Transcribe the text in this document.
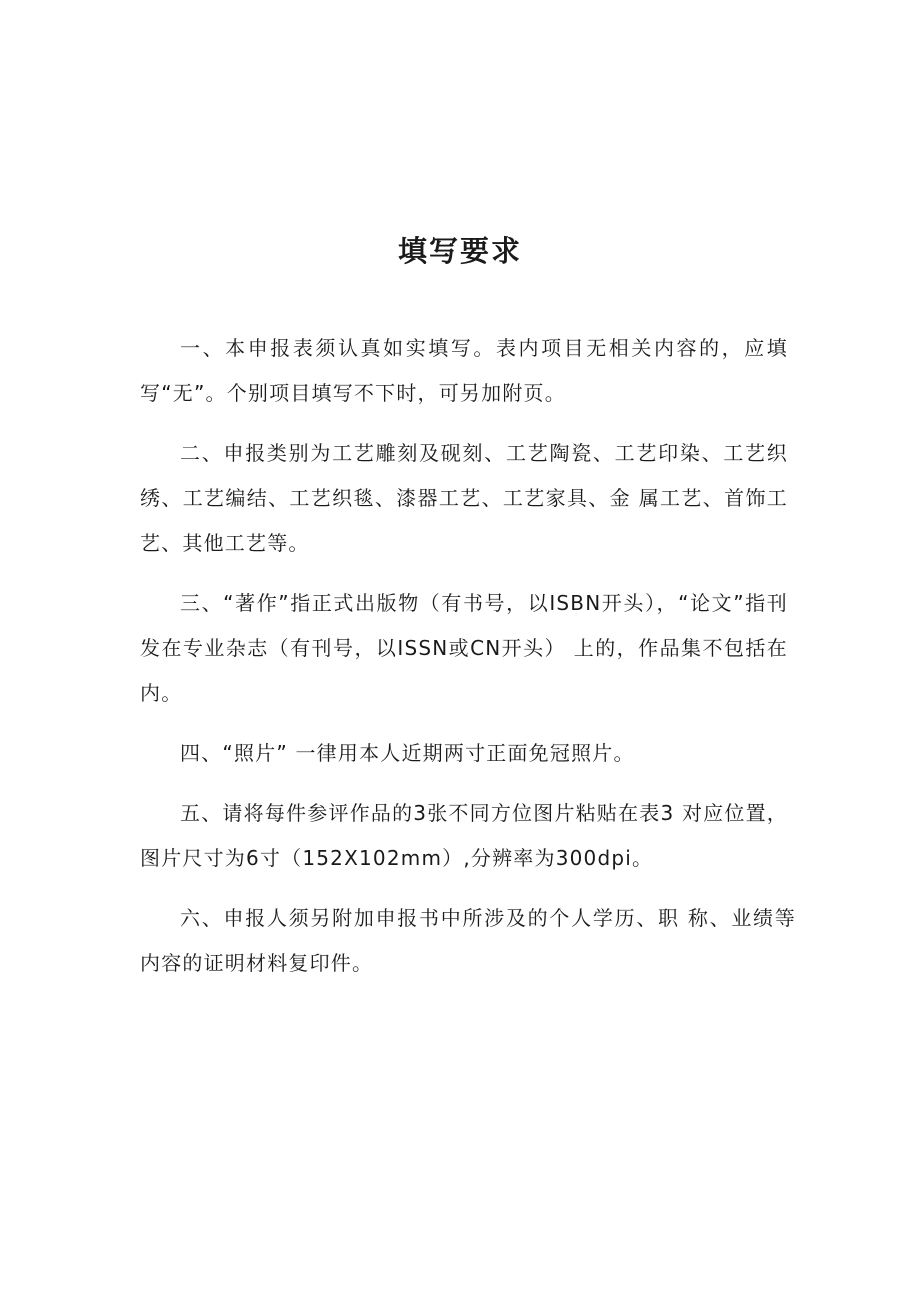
填写要求

一、本申报表须认真如实填写。表内项目无相关内容的，应填写“无”。个别项目填写不下时，可另加附页。

二、申报类别为工艺雕刻及砚刻、工艺陶瓷、工艺印染、工艺织绣、工艺编结、工艺织毯、漆器工艺、工艺家具、金 属工艺、首饰工艺、其他工艺等。

三、“著作”指正式出版物（有书号，以ISBN开头），“论文”指刊发在专业杂志（有刊号，以ISSN或CN开头） 上的，作品集不包括在内。

四、“照片” 一律用本人近期两寸正面免冠照片。

五、请将每件参评作品的3张不同方位图片粘贴在表3 对应位置，图片尺寸为6寸（152X102mm）,分辨率为300dpi。

六、申报人须另附加申报书中所涉及的个人学历、职 称、业绩等内容的证明材料复印件。
